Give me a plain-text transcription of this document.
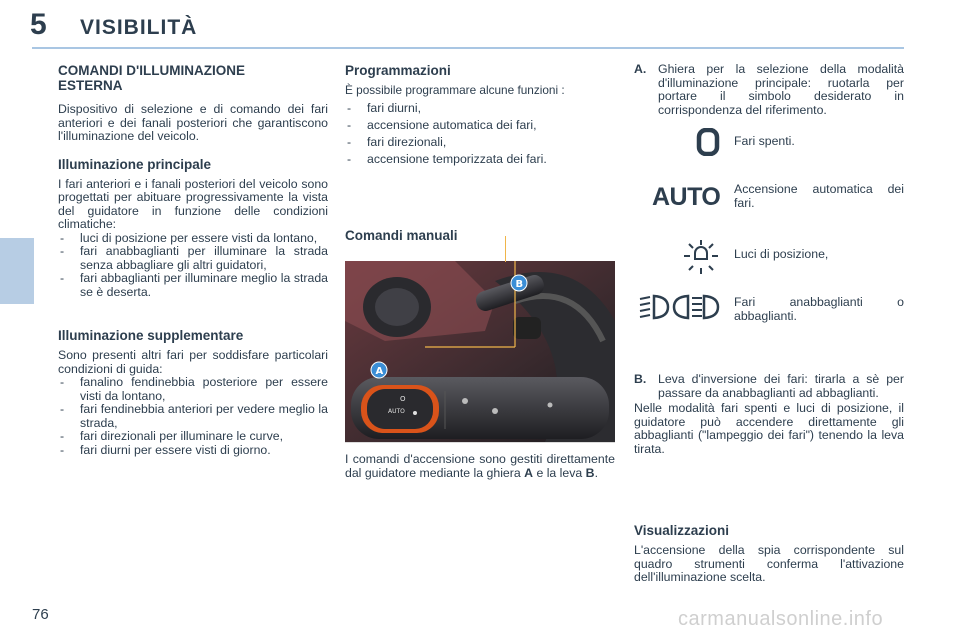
5 VISIBILITÀ

COMANDI D'ILLUMINAZIONE ESTERNA

Dispositivo di selezione e di comando dei fari anteriori e dei fanali posteriori che garantiscono l'illuminazione del veicolo.

Illuminazione principale

I fari anteriori e i fanali posteriori del veicolo sono progettati per abituare progressivamente la vista del guidatore in funzione delle condizioni climatiche:

- luci di posizione per essere visti da lontano,
- fari anabbaglianti per illuminare la strada senza abbagliare gli altri guidatori,
- fari abbaglianti per illuminare meglio la strada se è deserta.

Illuminazione supplementare

Sono presenti altri fari per soddisfare particolari condizioni di guida:

- fanalino fendinebbia posteriore per essere visti da lontano,
- fari fendinebbia anteriori per vedere meglio la strada,
- fari direzionali per illuminare le curve,
- fari diurni per essere visti di giorno.

Programmazioni

È possibile programmare alcune funzioni :

- fari diurni,
- accensione automatica dei fari,
- fari direzionali,
- accensione temporizzata dei fari.

Comandi manuali

O
AUTO
A
B

I comandi d'accensione sono gestiti direttamente dal guidatore mediante la ghiera A e la leva B.

A. Ghiera per la selezione della modalità d'illuminazione principale: ruotarla per portare il simbolo desiderato in corrispondenza del riferimento.

Fari spenti.

AUTO Accensione automatica dei fari.

Luci di posizione,

Fari anabbaglianti o abbaglianti.

B. Leva d'inversione dei fari: tirarla a sè per passare da anabbaglianti ad abbaglianti.

Nelle modalità fari spenti e luci di posizione, il guidatore può accendere direttamente gli abbaglianti ("lampeggio dei fari") tenendo la leva tirata.

Visualizzazioni

L'accensione della spia corrispondente sul quadro strumenti conferma l'attivazione dell'illuminazione scelta.

76	carmanualsonline.info
